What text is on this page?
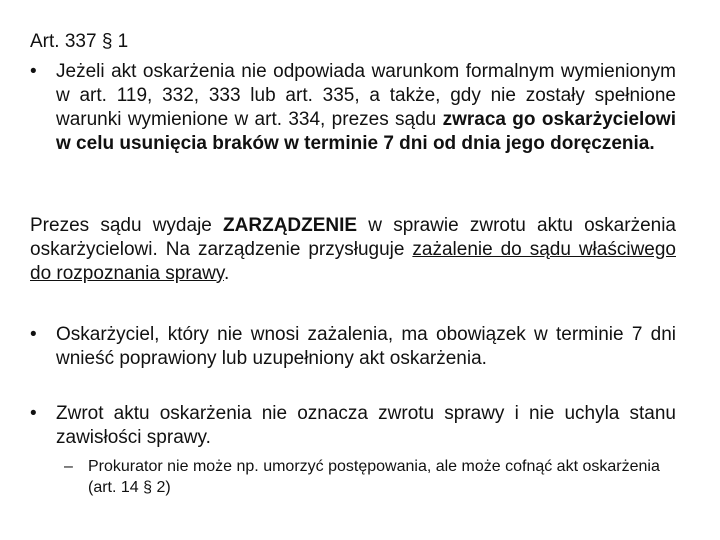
Art. 337 § 1
•	Jeżeli akt oskarżenia nie odpowiada warunkom formalnym wymienionym w art. 119, 332, 333 lub art. 335, a także, gdy nie zostały spełnione warunki wymienione w art. 334, prezes sądu zwraca go oskarżycielowi w celu usunięcia braków w terminie 7 dni od dnia jego doręczenia.
Prezes sądu wydaje ZARZĄDZENIE w sprawie zwrotu aktu oskarżenia oskarżycielowi. Na zarządzenie przysługuje zażalenie do sądu właściwego do rozpoznania sprawy.
•	Oskarżyciel, który nie wnosi zażalenia, ma obowiązek w terminie 7 dni wnieść poprawiony lub uzupełniony akt oskarżenia.
•	Zwrot aktu oskarżenia nie oznacza zwrotu sprawy i nie uchyla stanu zawisłości sprawy.
– Prokurator nie może np. umorzyć postępowania, ale może cofnąć akt oskarżenia (art. 14 § 2)
